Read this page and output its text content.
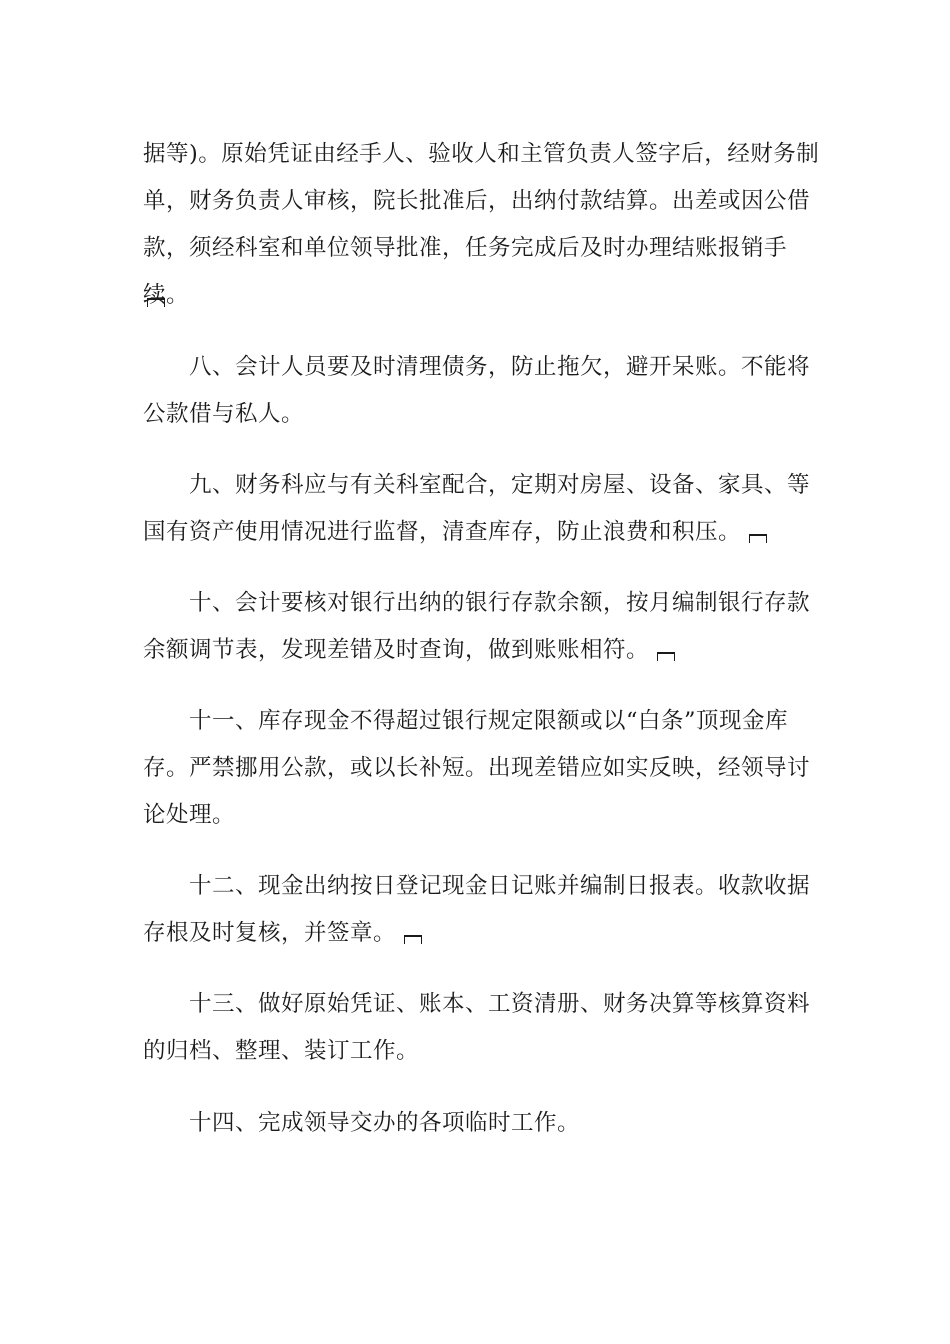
据等)。原始凭证由经手人、验收人和主管负责人签字后，经财务制单，财务负责人审核，院长批准后，出纳付款结算。出差或因公借款，须经科室和单位领导批准，任务完成后及时办理结账报销手续。

八、会计人员要及时清理债务，防止拖欠，避开呆账。不能将公款借与私人。

九、财务科应与有关科室配合，定期对房屋、设备、家具、等国有资产使用情况进行监督，清查库存，防止浪费和积压。

十、会计要核对银行出纳的银行存款余额，按月编制银行存款余额调节表，发现差错及时查询，做到账账相符。

十一、库存现金不得超过银行规定限额或以“白条”顶现金库存。严禁挪用公款，或以长补短。出现差错应如实反映，经领导讨论处理。

十二、现金出纳按日登记现金日记账并编制日报表。收款收据存根及时复核，并签章。

十三、做好原始凭证、账本、工资清册、财务决算等核算资料的归档、整理、装订工作。

十四、完成领导交办的各项临时工作。
